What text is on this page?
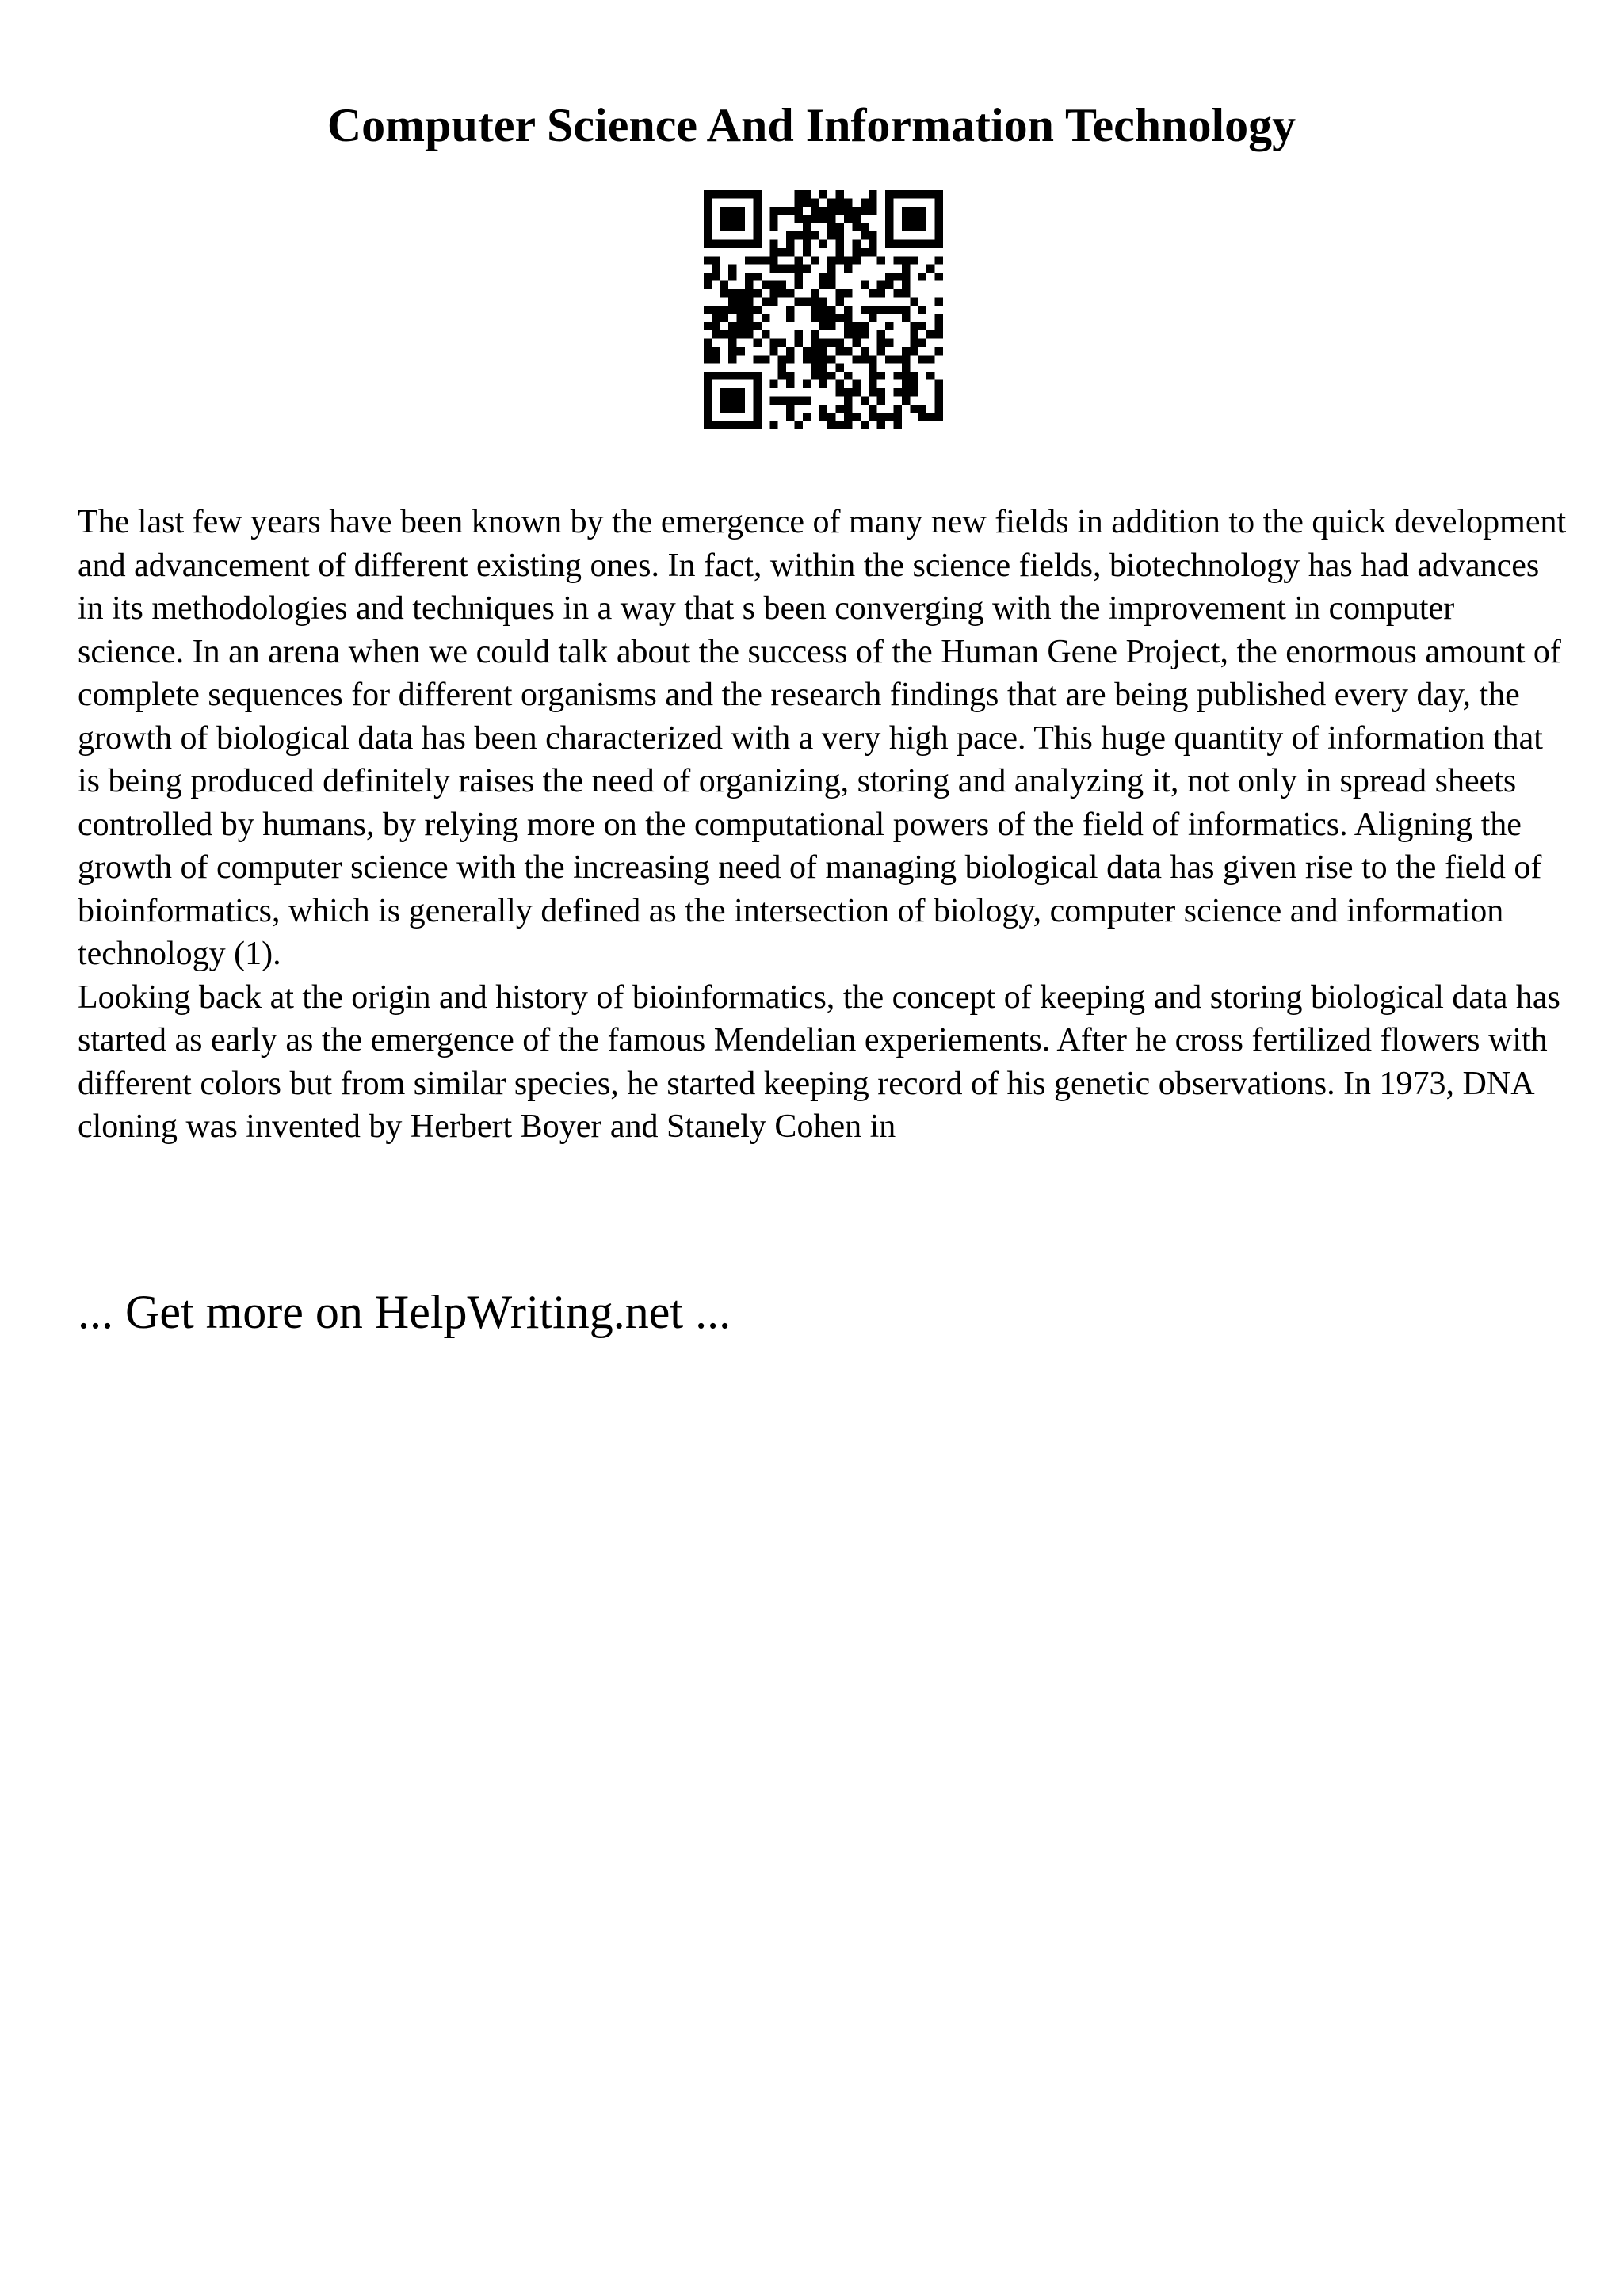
Computer Science And Information Technology

The last few years have been known by the emergence of many new fields in addition to the quick development and advancement of different existing ones. In fact, within the science fields, biotechnology has had advances in its methodologies and techniques in a way that s been converging with the improvement in computer science. In an arena when we could talk about the success of the Human Gene Project, the enormous amount of complete sequences for different organisms and the research findings that are being published every day, the growth of biological data has been characterized with a very high pace. This huge quantity of information that is being produced definitely raises the need of organizing, storing and analyzing it, not only in spread sheets controlled by humans, by relying more on the computational powers of the field of informatics. Aligning the growth of computer science with the increasing need of managing biological data has given rise to the field of bioinformatics, which is generally defined as the intersection of biology, computer science and information technology (1).

Looking back at the origin and history of bioinformatics, the concept of keeping and storing biological data has started as early as the emergence of the famous Mendelian experiements. After he cross fertilized flowers with different colors but from similar species, he started keeping record of his genetic observations. In 1973, DNA cloning was invented by Herbert Boyer and Stanely Cohen in

... Get more on HelpWriting.net ...
